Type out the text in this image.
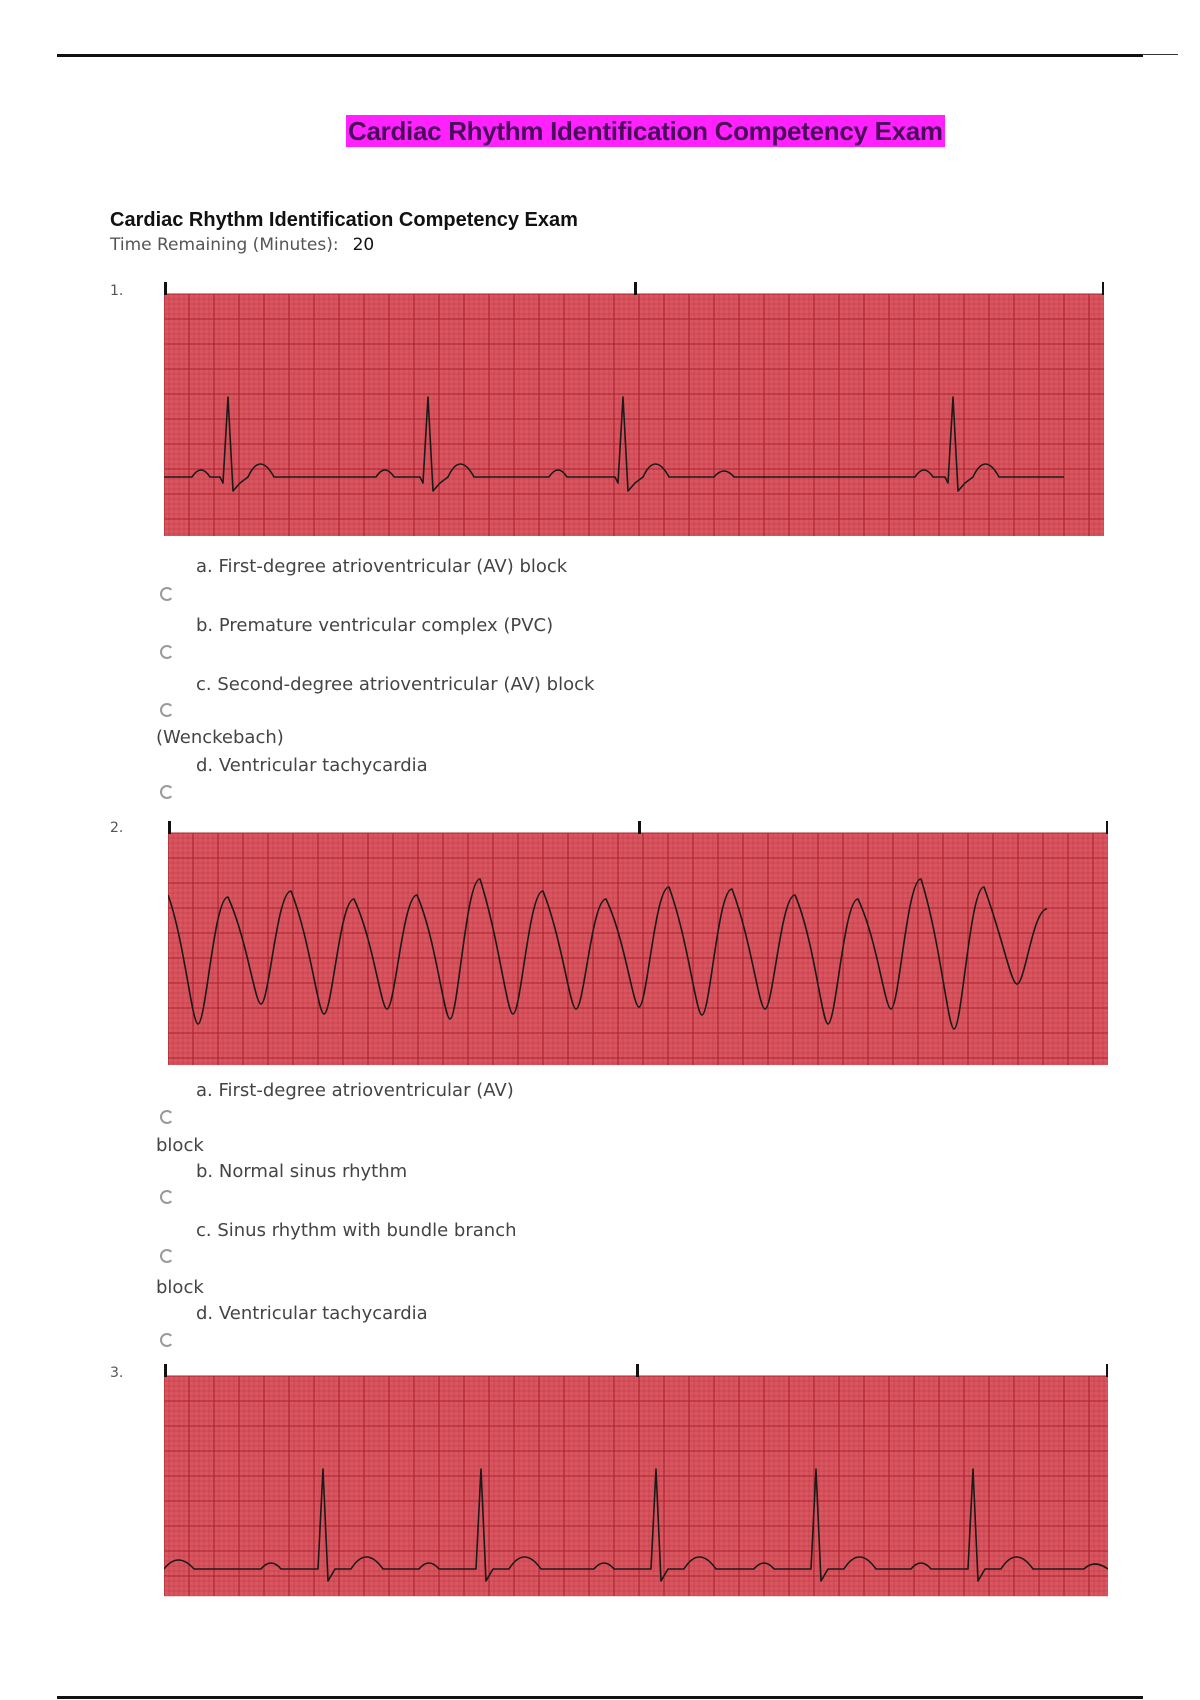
Cardiac Rhythm Identification Competency Exam
Cardiac Rhythm Identification Competency Exam
Time Remaining (Minutes): 20
1.
a. First-degree atrioventricular (AV) block
b. Premature ventricular complex (PVC)
c. Second-degree atrioventricular (AV) block
(Wenckebach)
d. Ventricular tachycardia
2.
a. First-degree atrioventricular (AV)
block
b. Normal sinus rhythm
c. Sinus rhythm with bundle branch
block
d. Ventricular tachycardia
3.
